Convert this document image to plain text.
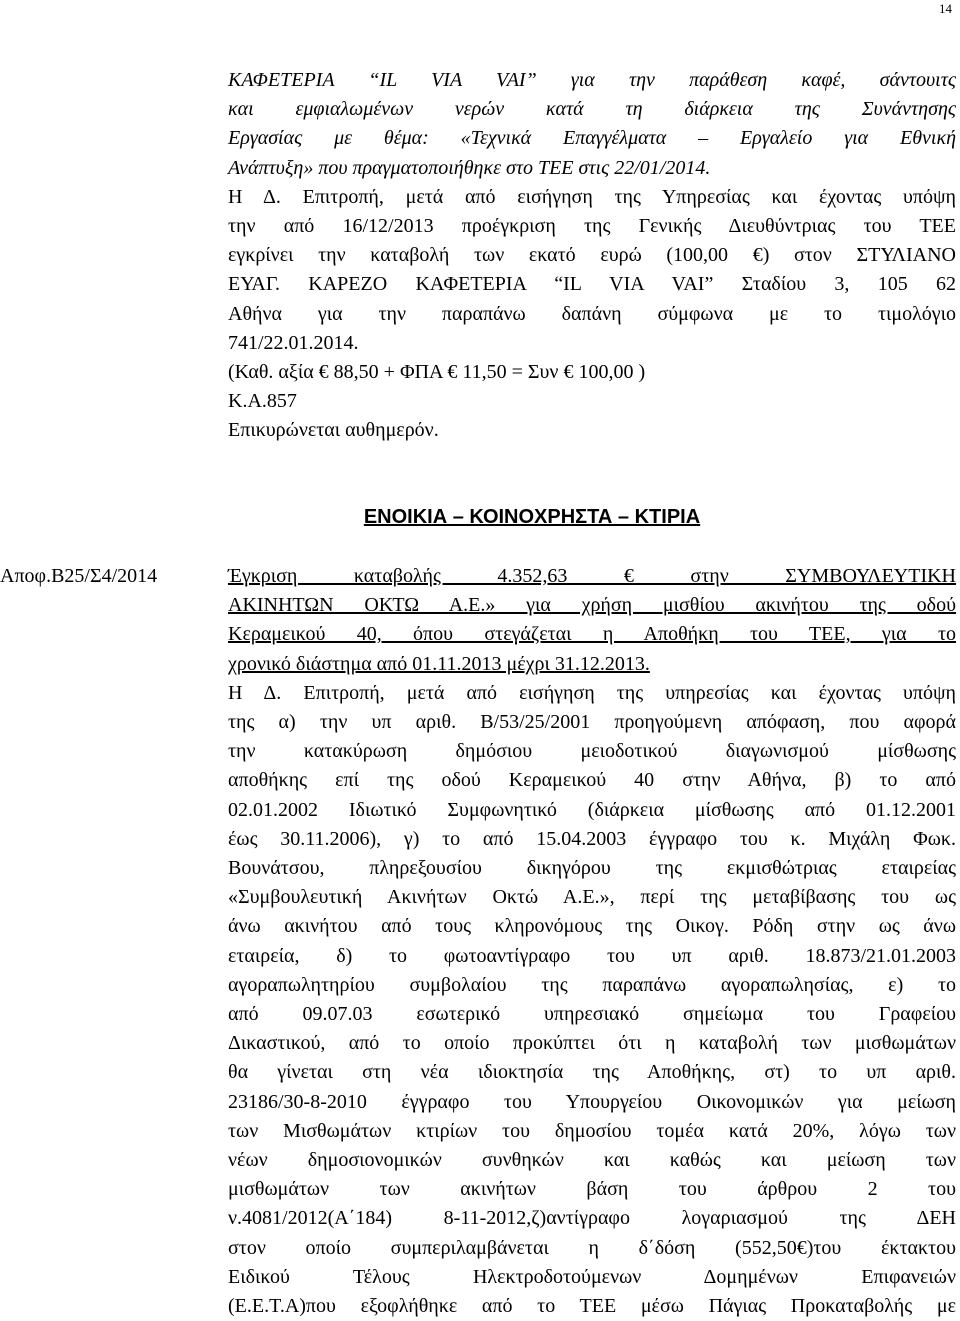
14
ΚΑΦΕΤΕΡΙΑ “IL VIA VAI” για την παράθεση καφέ, σάντουιτς
και εμφιαλωμένων νερών κατά τη διάρκεια της Συνάντησης
Εργασίας με θέμα: «Τεχνικά Επαγγέλματα – Εργαλείο για Εθνική
Ανάπτυξη» που πραγματοποιήθηκε στο ΤΕΕ στις 22/01/2014.
Η Δ. Επιτροπή, μετά από εισήγηση της Υπηρεσίας και έχοντας υπόψη
την από 16/12/2013 προέγκριση της Γενικής Διευθύντριας του ΤΕΕ
εγκρίνει την καταβολή των εκατό ευρώ (100,00 €) στον ΣΤΥΛΙΑΝΟ
ΕΥΑΓ. ΚΑΡΕΖΟ ΚΑΦΕΤΕΡΙΑ “IL VIA VAI” Σταδίου 3, 105 62
Αθήνα για την παραπάνω δαπάνη σύμφωνα με το τιμολόγιο
741/22.01.2014.
(Καθ. αξία € 88,50 + ΦΠΑ € 11,50 = Συν € 100,00 )
Κ.Α.857
Επικυρώνεται αυθημερόν.
ΕΝΟΙΚΙΑ – ΚΟΙΝΟΧΡΗΣΤΑ – ΚΤΙΡΙΑ
Αποφ.Β25/Σ4/2014	Έγκριση καταβολής 4.352,63 € στην ΣΥΜΒΟΥΛΕΥΤΙΚΗ
ΑΚΙΝΗΤΩΝ ΟΚΤΩ Α.Ε.» για χρήση μισθίου ακινήτου της οδού
Κεραμεικού 40, όπου στεγάζεται η Αποθήκη του ΤΕΕ, για το
χρονικό διάστημα από 01.11.2013 μέχρι 31.12.2013.
Η Δ. Επιτροπή, μετά από εισήγηση της υπηρεσίας και έχοντας υπόψη
της α) την υπ αριθ. Β/53/25/2001 προηγούμενη απόφαση, που αφορά
την κατακύρωση δημόσιου μειοδοτικού διαγωνισμού μίσθωσης
αποθήκης επί της οδού Κεραμεικού 40 στην Αθήνα, β) το από
02.01.2002 Ιδιωτικό Συμφωνητικό (διάρκεια μίσθωσης από 01.12.2001
έως 30.11.2006), γ) το από 15.04.2003 έγγραφο του κ. Μιχάλη Φωκ.
Βουνάτσου, πληρεξουσίου δικηγόρου της εκμισθώτριας εταιρείας
«Συμβουλευτική Ακινήτων Οκτώ Α.Ε.», περί της μεταβίβασης του ως
άνω ακινήτου από τους κληρονόμους της Οικογ. Ρόδη στην ως άνω
εταιρεία, δ) το φωτοαντίγραφο του υπ αριθ. 18.873/21.01.2003
αγοραπωλητηρίου συμβολαίου της παραπάνω αγοραπωλησίας, ε) το
από 09.07.03 εσωτερικό υπηρεσιακό σημείωμα του Γραφείου
Δικαστικού, από το οποίο προκύπτει ότι η καταβολή των μισθωμάτων
θα γίνεται στη νέα ιδιοκτησία της Αποθήκης, στ) το υπ αριθ.
23186/30-8-2010 έγγραφο του Υπουργείου Οικονομικών για μείωση
των Μισθωμάτων κτιρίων του δημοσίου τομέα κατά 20%, λόγω των
νέων δημοσιονομικών συνθηκών και καθώς και μείωση των
μισθωμάτων των ακινήτων βάση του άρθρου 2 του
ν.4081/2012(Α΄184) 8-11-2012,ζ)αντίγραφο λογαριασμού της ΔΕΗ
στον οποίο συμπεριλαμβάνεται η δ΄δόση (552,50€)του έκτακτου
Ειδικού Τέλους Ηλεκτροδοτούμενων Δομημένων Επιφανειών
(Ε.Ε.Τ.Α)που εξοφλήθηκε από το ΤΕΕ μέσω Πάγιας Προκαταβολής με
